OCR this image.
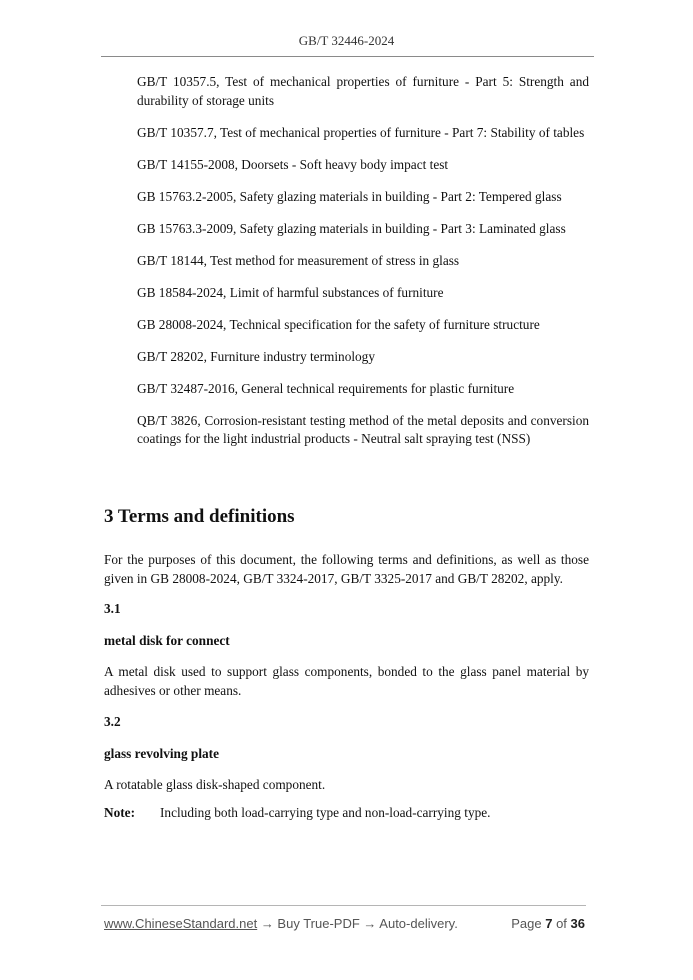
GB/T 32446-2024

GB/T 10357.5, Test of mechanical properties of furniture - Part 5: Strength and durability of storage units

GB/T 10357.7, Test of mechanical properties of furniture - Part 7: Stability of tables

GB/T 14155-2008, Doorsets - Soft heavy body impact test

GB 15763.2-2005, Safety glazing materials in building - Part 2: Tempered glass

GB 15763.3-2009, Safety glazing materials in building - Part 3: Laminated glass

GB/T 18144, Test method for measurement of stress in glass

GB 18584-2024, Limit of harmful substances of furniture

GB 28008-2024, Technical specification for the safety of furniture structure

GB/T 28202, Furniture industry terminology

GB/T 32487-2016, General technical requirements for plastic furniture

QB/T 3826, Corrosion-resistant testing method of the metal deposits and conversion coatings for the light industrial products - Neutral salt spraying test (NSS)

3 Terms and definitions

For the purposes of this document, the following terms and definitions, as well as those given in GB 28008-2024, GB/T 3324-2017, GB/T 3325-2017 and GB/T 28202, apply.

3.1

metal disk for connect

A metal disk used to support glass components, bonded to the glass panel material by adhesives or other means.

3.2

glass revolving plate

A rotatable glass disk-shaped component.

Note:	Including both load-carrying type and non-load-carrying type.
www.ChineseStandard.net → Buy True-PDF → Auto-delivery.	Page 7 of 36
